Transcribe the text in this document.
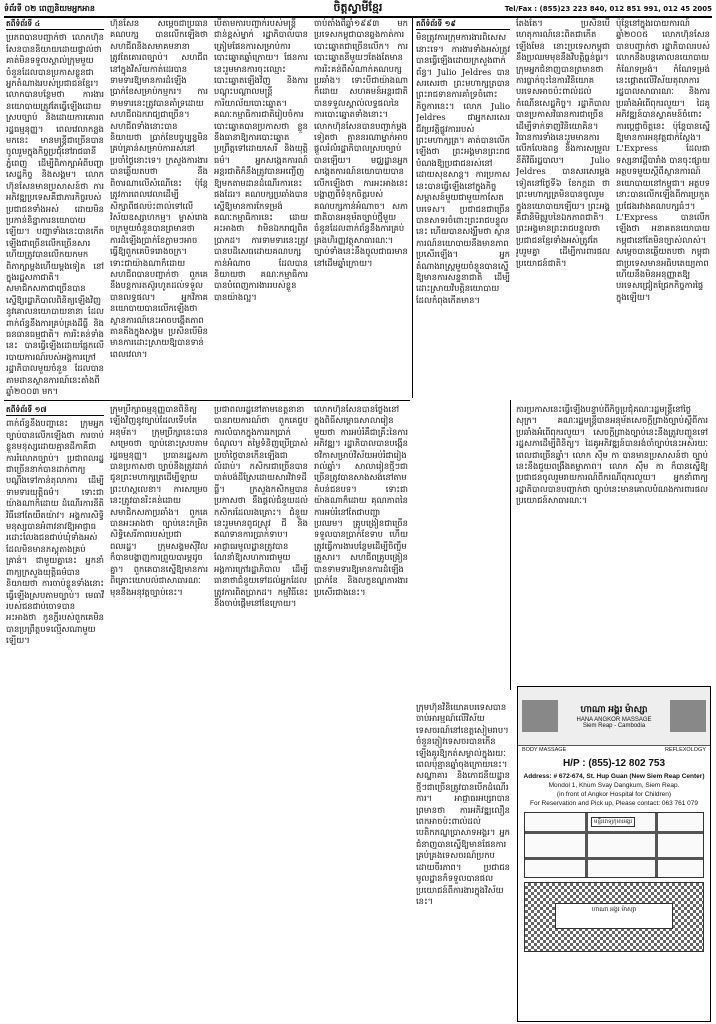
ទំព័រទី ០២ ពេញនិយមអ្នកអាន	ចិត្តស្វាមីខ្មែរ	Tel/Fax : (855)23 223 840, 012 851 991, 012 45 2005
តពីទំព័រទី ៤
ប្រភពបានបញ្ជាក់ថា លោកហ៊ុនសែនបាននិយាយដោយផ្ទាល់ថា គាត់មិនទទួលស្គាល់ក្រុមមួយចំនួនដែលបានប្រកាសខ្លួនជាអ្នកតំណាងរបស់ប្រជាជនខ្មែរ។ លោកបានបន្ថែមថា ការងារនយោបាយត្រូវតែធ្វើឡើងដោយស្របច្បាប់ និងដោយការគោរពរដ្ឋធម្មនុញ្ញ។ ពេលវេលាកន្លងមកនេះ មានមន្ត្រីជាច្រើនបានចូលរួមក្នុងកិច្ចប្រជុំនៅរាជធានីភ្នំពេញ ដើម្បីពិភាក្សាអំពីបញ្ហាសេដ្ឋកិច្ច និងសង្គម។ លោកហ៊ុនសែនមានប្រសាសន៍ថា ការអភិវឌ្ឍប្រទេសគឺជាភារកិច្ចរបស់ប្រជាជនទាំងអស់ ដោយមិនប្រកាន់និន្នាការនយោបាយឡើយ។ បញ្ហាទាំងនេះបានកើតឡើងជាច្រើនលើកច្រើនសារ ហើយត្រូវបានលើកយកមកពិភាក្សាម្តងហើយម្តងទៀត នៅក្នុងរដ្ឋសភាជាតិ។ សមាជិកសភាជាច្រើនបានស្នើឱ្យរដ្ឋាភិបាលពិនិត្យឡើងវិញនូវគោលនយោបាយនានា ដែលពាក់ព័ន្ធនឹងការគ្រប់គ្រងដីធ្លី និងធនធានធម្មជាតិ។ ការរិះគន់ទាំងនេះ បានធ្វើឡើងដោយផ្អែកលើរបាយការណ៍របស់អង្គការក្រៅរដ្ឋាភិបាលមួយចំនួន ដែលបានតាមដានស្ថានការណ៍នេះតាំងពីឆ្នាំ២០០៣ មក។
ហ៊ុនសែន សម្ដេចជាប្រធានគណបក្ស បានលើកឡើងថា សហជីពនិងសមាគមនានាត្រូវតែគោរពច្បាប់។ សហជីពនៅក្នុងវិស័យកាត់ដេរបានទាមទារឱ្យមានការដំឡើងប្រាក់ខែសម្រាប់កម្មករ។ ការទាមទារនេះត្រូវបានគាំទ្រដោយសហជីពឯករាជ្យជាច្រើន។ សហជីពទាំងនោះបាននិយាយថា ប្រាក់ខែបច្ចុប្បន្នមិនគ្រប់គ្រាន់សម្រាប់ការរស់នៅប្រចាំថ្ងៃនោះទេ។ ក្រសួងការងារបានឆ្លើយតបថា នឹងពិចារណាលើសំណើនេះ ប៉ុន្តែត្រូវការពេលវេលាដើម្បីសិក្សាពីផលប៉ះពាល់ទៅលើវិស័យឧស្សាហកម្ម។ ម្ចាស់រោងចក្រមួយចំនួនបានព្រមានថា ការដំឡើងប្រាក់ខែភ្លាមៗអាចធ្វើឱ្យពួកគេបិទរោងចក្រ។ ទោះជាយ៉ាងណាក៏ដោយ សហជីពបានបញ្ជាក់ថា ពួកគេនឹងបន្តការតស៊ូរហូតដល់ទទួលបានលទ្ធផល។ អ្នកវិភាគនយោបាយបានលើកឡើងថា ស្ថានការណ៍នេះអាចបង្កើតភាពតានតឹងក្នុងសង្គម ប្រសិនបើមិនមានការដោះស្រាយឱ្យបានទាន់ពេលវេលា។
បើតាមការបញ្ជាក់របស់មន្ត្រីជាន់ខ្ពស់ម្នាក់ រដ្ឋាភិបាលបានត្រៀមផែនការសម្រាប់ការបោះឆ្នោតឆ្នាំក្រោយ។ ផែនការនេះរួមមានការចុះឈ្មោះបោះឆ្នោតឡើងវិញ និងការបណ្តុះបណ្តាលមន្ត្រីការិយាល័យបោះឆ្នោត។ គណៈកម្មាធិការជាតិរៀបចំការបោះឆ្នោតបានប្រកាសថា ខ្លួននឹងធានាឱ្យការបោះឆ្នោតប្រព្រឹត្តទៅដោយសេរី និងយុត្តិធម៌។ អ្នកសង្កេតការណ៍អន្តរជាតិក៏នឹងត្រូវបានអញ្ជើញឱ្យមកតាមដានដំណើរការនេះផងដែរ។ គណបក្សប្រឆាំងបានស្នើឱ្យមានការកែទម្រង់គណៈកម្មាធិការនេះ ដោយអះអាងថា វាមិនឯករាជ្យពិតប្រាកដ។ ការទាមទារនេះត្រូវបានបដិសេធដោយគណបក្សកាន់អំណាច ដែលបាននិយាយថា គណៈកម្មាធិការបានបំពេញការងាររបស់ខ្លួនបានយ៉ាងល្អ។
ចាប់តាំងពីឆ្នាំ១៩៩៣ មក ប្រទេសកម្ពុជាបានឆ្លងកាត់ការបោះឆ្នោតជាច្រើនលើក។ ការបោះឆ្នោតនីមួយៗតែងតែមានការរិះគន់ពីសំណាក់គណបក្សប្រឆាំង។ ទោះបីជាយ៉ាងណាក៏ដោយ សហគមន៍អន្តរជាតិបានទទួលស្គាល់លទ្ធផលនៃការបោះឆ្នោតទាំងនោះ។ លោកហ៊ុនសែនបានបញ្ជាក់ម្តងទៀតថា គ្មាននរណាម្នាក់អាចផ្តួលរំលំរដ្ឋាភិបាលស្របច្បាប់បានឡើយ។ មជ្ឈដ្ឋានអ្នកសង្កេតការណ៍នយោបាយបានលើកឡើងថា ការអះអាងនេះបង្ហាញពីទំនុកចិត្តរបស់គណបក្សកាន់អំណាច។ សភាជាតិបានអនុម័តច្បាប់ថ្មីមួយចំនួនដែលពាក់ព័ន្ធនឹងការគ្រប់គ្រងហិរញ្ញវត្ថុសាធារណៈ។ ច្បាប់ទាំងនេះនឹងចូលជាធរមាននៅដើមឆ្នាំក្រោយ។
តពីទំព័រទី ១៩
មិនត្រូវការក្រុមការងារពិសេសនោះទេ។ ការងារទាំងអស់ត្រូវបានធ្វើឡើងដោយក្រសួងពាក់ព័ន្ធ។ Julio Jeldres បានសរសេរថា ព្រះមហាក្សត្របានព្រះរាជទានការគាំទ្រចំពោះកិច្ចការនេះ។ លោក Julio Jeldres ជាអ្នកសរសេរជីវប្រវត្តិផ្លូវការរបស់ព្រះមហាក្សត្រ។ គាត់បានលើកឡើងថា ព្រះអង្គមានព្រះរាជបំណងឱ្យប្រជាជនរស់នៅដោយសុខសាន្ត។ ការប្រកាសនេះបានធ្វើឡើងនៅក្នុងកិច្ចសម្ភាសន៍មួយជាមួយកាសែតបរទេស។ ប្រជាជនជាច្រើនបានសាទរចំពោះព្រះរាជបន្ទូលនេះ ហើយបានសង្ឃឹមថា ស្ថានការណ៍នយោបាយនឹងមានភាពប្រសើរឡើង។ អ្នកតំណាងរាស្ត្រមួយចំនួនបានស្នើឱ្យមានការសន្ទនាជាតិ ដើម្បីដោះស្រាយវិបត្តិនយោបាយដែលកំពុងកើតមាន។
តែងតែ។ ប្រសិនបើ ហេតុការណ៍នេះពិតជាកើតឡើងមែន នោះប្រទេសកម្ពុជានឹងប្រឈមមុខនឹងវិបត្តិធ្ងន់ធ្ងរ។ ក្រុមអ្នកជំនាញបានព្រមានថា ការធ្លាក់ចុះនៃការវិនិយោគបរទេសអាចប៉ះពាល់ដល់កំណើនសេដ្ឋកិច្ច។ រដ្ឋាភិបាលបានប្រកាសវិធានការជាច្រើនដើម្បីទាក់ទាញវិនិយោគិន។ វិធានការទាំងនេះរួមមានការលើកលែងពន្ធ និងការសម្រួលនីតិវិធីរដ្ឋបាល។ Julio Jeldres បានសរសេរម្តងទៀតនៅថ្ងៃទី៦ ខែកក្កដា ថា ព្រះមហាក្សត្រមិនបានចូលរួមក្នុងនយោបាយឡើយ។ ព្រះអង្គគឺជានិមិត្តរូបនៃឯកភាពជាតិ។ ព្រះអង្គមានព្រះរាជបន្ទូលថា ប្រជាជនខ្មែរទាំងអស់ត្រូវតែរួបរួមគ្នា ដើម្បីការពារផលប្រយោជន៍ជាតិ។
ប៉ុន្តែនៅក្នុងរបាយការណ៍ឆ្នាំ២០០៥ លោកហ៊ុនសែនបានបញ្ជាក់ថា រដ្ឋាភិបាលរបស់លោកនឹងបន្តគោលនយោបាយកំណែទម្រង់។ កំណែទម្រង់នេះផ្តោតលើវិស័យតុលាការ រដ្ឋបាលសាធារណៈ និងការប្រឆាំងអំពើពុករលួយ។ ដៃគូអភិវឌ្ឍន៍បានស្វាគមន៍ចំពោះការប្តេជ្ញាចិត្តនេះ ប៉ុន្តែបានស្នើឱ្យមានការអនុវត្តជាក់ស្តែង។ L'Express ដែលជាទស្សនាវដ្តីបារាំង បានចុះផ្សាយអត្ថបទមួយស្តីពីស្ថានការណ៍នយោបាយនៅកម្ពុជា។ អត្ថបទនោះបានលើកឡើងពីការប្រកួតប្រជែងរវាងគណបក្សធំៗ។ L'Express បានលើកឡើងថា អនាគតនយោបាយកម្ពុជានៅតែមិនច្បាស់លាស់។ សម្តេចបានឆ្លើយតបថា កម្ពុជាជាប្រទេសមានអធិបតេយ្យភាព ហើយនឹងមិនអនុញ្ញាតឱ្យបរទេសជ្រៀតជ្រែកកិច្ចការផ្ទៃក្នុងឡើយ។
តពីទំព័រទី ១៧
ពាក់ព័ន្ធនឹងបញ្ហានេះ ក្រុមអ្នកច្បាប់បានលើកឡើងថា ការចាប់ខ្លួនមនុស្សដោយគ្មានដីកាគឺជាការរំលោភច្បាប់។ ប្រជាពលរដ្ឋជាច្រើននាក់បានដាក់ពាក្យបណ្តឹងទៅកាន់តុលាការ ដើម្បីទាមទារយុត្តិធម៌។ ទោះជាយ៉ាងណាក៏ដោយ ដំណើរការនីតិវិធីនៅតែយឺតយ៉ាវ។ អង្គការសិទ្ធិមនុស្សបានអំពាវនាវឱ្យអាជ្ញាធរដោះលែងជនជាប់ឃុំទាំងអស់ ដែលមិនមានភស្តុតាងគ្រប់គ្រាន់។ ជាមួយគ្នានេះ អ្នកនាំពាក្យក្រសួងយុត្តិធម៌បាននិយាយថា ការចាប់ខ្លួនទាំងនោះធ្វើឡើងស្របតាមច្បាប់។ មេធាវីរបស់ជនជាប់ចោទបានអះអាងថា កូនក្តីរបស់ពួកគេមិនបានប្រព្រឹត្តបទល្មើសណាមួយឡើយ។
ក្រុមប្រឹក្សាធម្មនុញ្ញបានពិនិត្យឡើងវិញនូវច្បាប់ដែលទើបតែអនុម័ត។ ក្រុមប្រឹក្សានេះបានសម្រេចថា ច្បាប់នោះស្របតាមរដ្ឋធម្មនុញ្ញ។ ប្រធានរដ្ឋសភាបានប្រកាសថា ច្បាប់នឹងត្រូវដាក់ជូនព្រះមហាក្សត្រដើម្បីឡាយព្រះហស្តលេខា។ ការសម្រេចនេះត្រូវបានរិះគន់ដោយសមាជិកសភាប្រឆាំង។ ពួកគេបានអះអាងថា ច្បាប់នេះកម្រិតសិទ្ធិសេរីភាពរបស់ប្រជាពលរដ្ឋ។ ក្រុមសង្គមស៊ីវិលក៏បានបង្ហាញការព្រួយបារម្ភដូចគ្នា។ ពួកគេបានស្នើឱ្យមានការពិគ្រោះយោបល់ជាសាធារណៈមុននឹងអនុវត្តច្បាប់នេះ។
ប្រជាពលរដ្ឋនៅតាមខេត្តនានាបានរាយការណ៍ថា ពួកគេជួបការលំបាកក្នុងការរកប្រាក់ចំណូល។ តម្លៃទំនិញប្រើប្រាស់ប្រចាំថ្ងៃបានកើនឡើងជាលំដាប់។ កសិករជាច្រើនបានបាត់បង់ដីស្រែដោយសារវិវាទដីធ្លី។ ក្រសួងកសិកម្មបានប្រកាសថា នឹងផ្តល់ជំនួយដល់កសិករដែលរងគ្រោះ។ ជំនួយនេះរួមមានពូជស្រូវ ជី និងឥណទានការប្រាក់ទាប។ អាជ្ញាធរមូលដ្ឋានត្រូវបានណែនាំឱ្យសហការជាមួយអង្គការក្រៅរដ្ឋាភិបាល ដើម្បីធានាថាជំនួយទៅដល់អ្នកដែលត្រូវការពិតប្រាកដ។ កម្មវិធីនេះនឹងចាប់ផ្តើមនៅខែក្រោយ។
លោកហ៊ុនសែនបានថ្លែងនៅក្នុងពិធីសម្ពោធសាលារៀនមួយថា ការអប់រំគឺជាគ្រឹះនៃការអភិវឌ្ឍ។ រដ្ឋាភិបាលបានបង្កើនថវិកាសម្រាប់វិស័យអប់រំជារៀងរាល់ឆ្នាំ។ សាលារៀនថ្មីៗជាច្រើនត្រូវបានសាងសង់នៅតាមតំបន់ជនបទ។ ទោះជាយ៉ាងណាក៏ដោយ គុណភាពនៃការអប់រំនៅតែជាបញ្ហាប្រឈម។ គ្រូបង្រៀនជាច្រើនទទួលបានប្រាក់ខែទាប ហើយត្រូវធ្វើការងារបន្ថែមដើម្បីចិញ្ចឹមគ្រួសារ។ សហជីពគ្រូបង្រៀនបានទាមទារឱ្យមានការដំឡើងប្រាក់ខែ និងលក្ខខណ្ឌការងារប្រសើរជាងនេះ។
ក្រុមហ៊ុនវិនិយោគបរទេសបានចាប់អារម្មណ៍លើវិស័យទេសចរណ៍នៅខេត្តសៀមរាប។ ចំនួនភ្ញៀវទេសចរបានកើនឡើងគួរឱ្យកត់សម្គាល់ក្នុងរយៈពេលប៉ុន្មានឆ្នាំចុងក្រោយនេះ។ សណ្ឋាគារ និងភោជនីយដ្ឋានថ្មីៗជាច្រើនត្រូវបានបើកដំណើរការ។ អាជ្ញាធរអប្សរាបានព្រមានថា ការអភិវឌ្ឍលឿនពេកអាចប៉ះពាល់ដល់បេតិកភណ្ឌប្រាសាទអង្គរ។ អ្នកជំនាញបានស្នើឱ្យមានផែនការគ្រប់គ្រងទេសចរណ៍ប្រកបដោយចីរភាព។ ប្រជាជនមូលដ្ឋានក៏ទទួលបានផលប្រយោជន៍ពីការងារក្នុងវិស័យនេះ។
ការប្រកាសនេះធ្វើឡើងបន្ទាប់ពីកិច្ចប្រជុំគណៈរដ្ឋមន្ត្រីនៅថ្ងៃសុក្រ។ គណៈរដ្ឋមន្ត្រីបានអនុម័តសេចក្តីព្រាងច្បាប់ស្តីពីការប្រឆាំងអំពើពុករលួយ។ សេចក្តីព្រាងច្បាប់នេះនឹងត្រូវបញ្ជូនទៅរដ្ឋសភាដើម្បីពិនិត្យ។ ដៃគូអភិវឌ្ឍន៍បានរង់ចាំច្បាប់នេះអស់រយៈពេលជាច្រើនឆ្នាំ។ លោក ស៊ឹម កា បានមានប្រសាសន៍ថា ច្បាប់នេះនឹងជួយពង្រឹងតម្លាភាព។ លោក ស៊ឹម កា ក៏បានស្នើឱ្យប្រជាជនចូលរួមរាយការណ៍ពីករណីពុករលួយ។ អ្នកនាំពាក្យរដ្ឋាភិបាលបានបញ្ជាក់ថា ច្បាប់នេះមានគោលបំណងការពារផលប្រយោជន៍សាធារណៈ។
ហាណា អង្គរ ម៉ាស្សា
HANA ANGKOR MASSAGE
Siem Reap - Cambodia
BODY MASSAGE	REFLEXOLOGY
H/P : (855)-12 802 753
Address: # 672-674, St. Hup Guan (New Siem Reap Center)
Mondol 1, Khum Svay Dangkum, Siem Reap.
(in front of Angkor Hospital for Children)
For Reservation and Pick up, Please contact: 063 761 079
មន្ទីរពេទ្យកុមារអង្គរ
ហាណា អង្គរ ម៉ាស្សា
